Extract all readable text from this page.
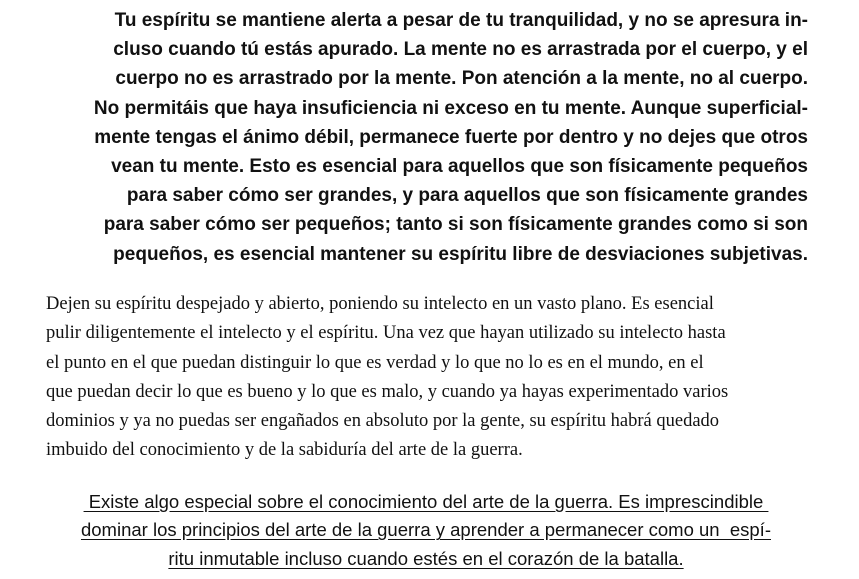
Tu espíritu se mantiene alerta a pesar de tu tranquilidad, y no se apresura in-
cluso cuando tú estás apurado. La mente no es arrastrada por el cuerpo, y el
cuerpo no es arrastrado por la mente. Pon atención a la mente, no al cuerpo.
No permitáis que haya insuficiencia ni exceso en tu mente. Aunque superficial-
mente tengas el ánimo débil, permanece fuerte por dentro y no dejes que otros
vean tu mente. Esto es esencial para aquellos que son físicamente pequeños
para saber cómo ser grandes, y para aquellos que son físicamente grandes
para saber cómo ser pequeños; tanto si son físicamente grandes como si son
pequeños, es esencial mantener su espíritu libre de desviaciones subjetivas.
Dejen su espíritu despejado y abierto, poniendo su intelecto en un vasto plano. Es esencial
pulir diligentemente el intelecto y el espíritu. Una vez que hayan utilizado su intelecto hasta
el punto en el que puedan distinguir lo que es verdad y lo que no lo es en el mundo, en el
que puedan decir lo que es bueno y lo que es malo, y cuando ya hayas experimentado varios
dominios y ya no puedas ser engañados en absoluto por la gente, su espíritu habrá quedado
imbuido del conocimiento y de la sabiduría del arte de la guerra.
Existe algo especial sobre el conocimiento del arte de la guerra. Es imprescindible
dominar los principios del arte de la guerra y aprender a permanecer como un  espí-
ritu inmutable incluso cuando estés en el corazón de la batalla.
